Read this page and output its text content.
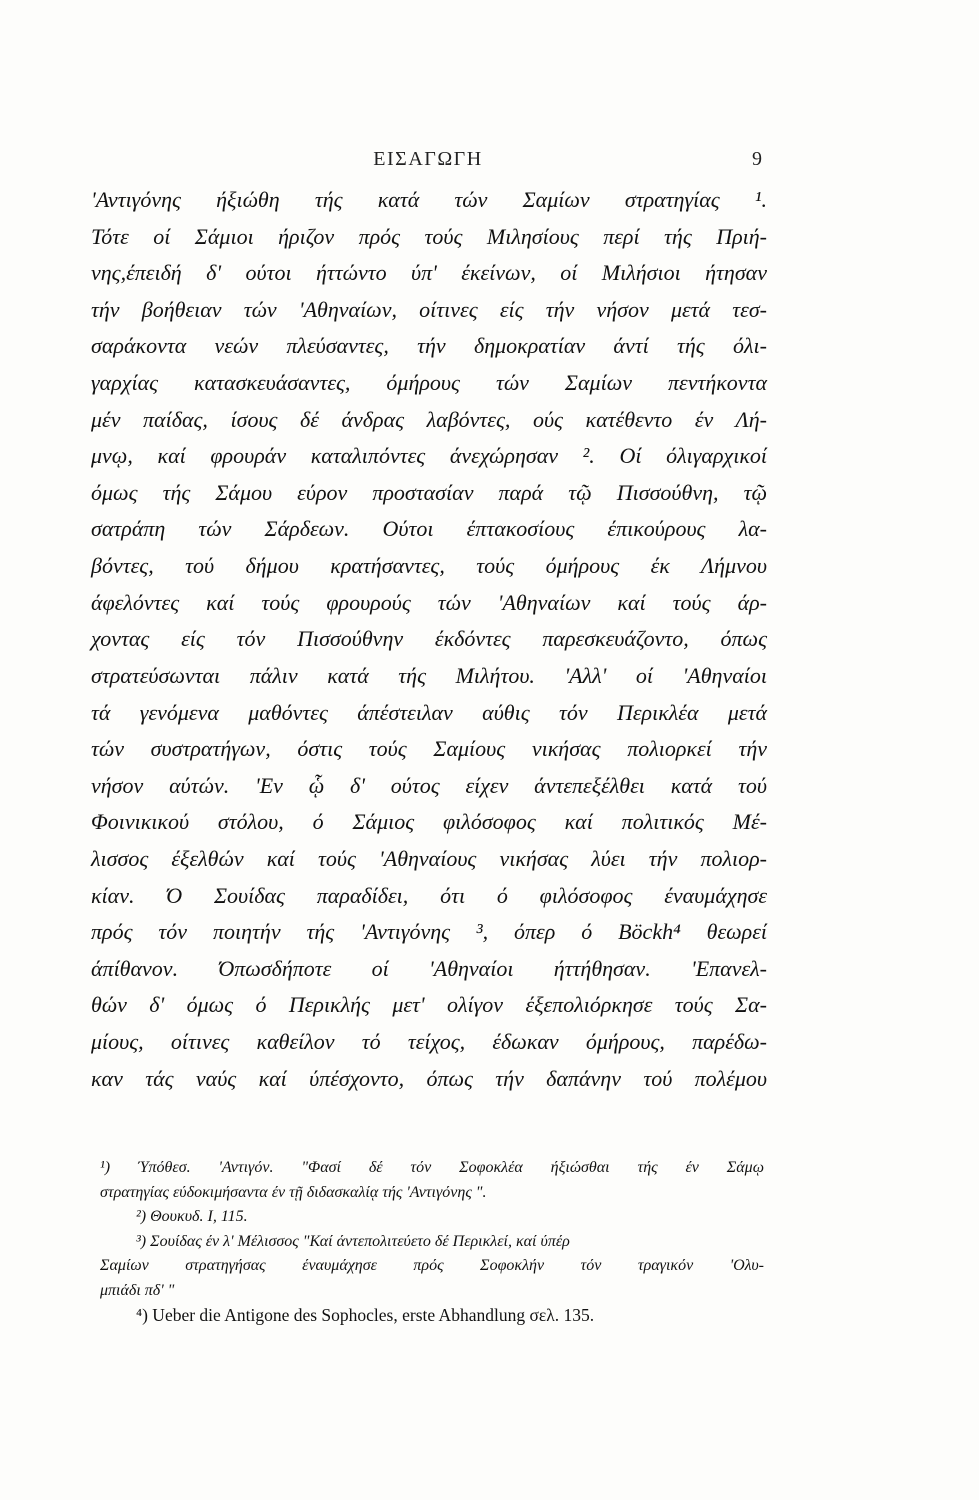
ΕΙΣΑΓΩΓΗ	9
'Αντιγόνης ήξιώθη τής κατά τών Σαμίων στρατηγίας ¹.
Τότε οί Σάμιοι ήριζον πρός τούς Μιλησίους περί τής Πριή-
νης,έπειδή δ' ούτοι ήττώντο ύπ' έκείνων, οί Μιλήσιοι ήτησαν
τήν βοήθειαν τών 'Αθηναίων, οίτινες είς τήν νήσον μετά τεσ-
σαράκοντα νεών πλεύσαντες, τήν δημοκρατίαν άντί τής όλι-
γαρχίας κατασκευάσαντες, όμήρους τών Σαμίων πεντήκοντα
μέν παίδας, ίσους δέ άνδρας λαβόντες, ούς κατέθεντο έν Λή-
μνῳ, καί φρουράν καταλιπόντες άνεχώρησαν ². Οί όλιγαρχικοί
όμως τής Σάμου εύρον προστασίαν παρά τῷ Πισσούθνη, τῷ
σατράπη τών Σάρδεων. Ούτοι έπτακοσίους έπικούρους λα-
βόντες, τού δήμου κρατήσαντες, τούς όμήρους έκ Λήμνου
άφελόντες καί τούς φρουρούς τών 'Αθηναίων καί τούς άρ-
χοντας είς τόν Πισσούθνην έκδόντες παρεσκευάζοντο, όπως
στρατεύσωνται πάλιν κατά τής Μιλήτου. 'Αλλ' οί 'Αθηναίοι
τά γενόμενα μαθόντες άπέστειλαν αύθις τόν Περικλέα μετά
τών συστρατήγων, όστις τούς Σαμίους νικήσας πολιορκεί τήν
νήσον αύτών. 'Εν ᾧ δ' ούτος είχεν άντεπεξέλθει κατά τού
Φοινικικού στόλου, ό Σάμιος φιλόσοφος καί πολιτικός Μέ-
λισσος έξελθών καί τούς 'Αθηναίους νικήσας λύει τήν πολιορ-
κίαν. Ό Σουίδας παραδίδει, ότι ό φιλόσοφος έναυμάχησε
πρός τόν ποιητήν τής 'Αντιγόνης ³, όπερ ό Böckh⁴ θεωρεί
άπίθανον. Όπωσδήποτε οί 'Αθηναίοι ήττήθησαν. 'Επανελ-
θών δ' όμως ό Περικλής μετ' ολίγον έξεπολιόρκησε τούς Σα-
μίους, οίτινες καθείλον τό τείχος, έδωκαν όμήρους, παρέδω-
καν τάς ναύς καί ύπέσχοντο, όπως τήν δαπάνην τού πολέμου
¹) Ύπόθεσ. 'Αντιγόν. "Φασί δέ τόν Σοφοκλέα ήξιώσθαι τής έν Σάμῳ
στρατηγίας εύδοκιμήσαντα έν τῇ διδασκαλίᾳ τής 'Αντιγόνης ".
²) Θουκυδ. Ι, 115.
³) Σουίδας έν λ' Μέλισσος "Καί άντεπολιτεύετο δέ Περικλεί, καί ύπέρ
Σαμίων στρατηγήσας έναυμάχησε πρός Σοφοκλήν τόν τραγικόν 'Ολυ-
μπιάδι πδ' "
⁴) Ueber die Antigone des Sophocles, erste Abhandlung σελ. 135.
